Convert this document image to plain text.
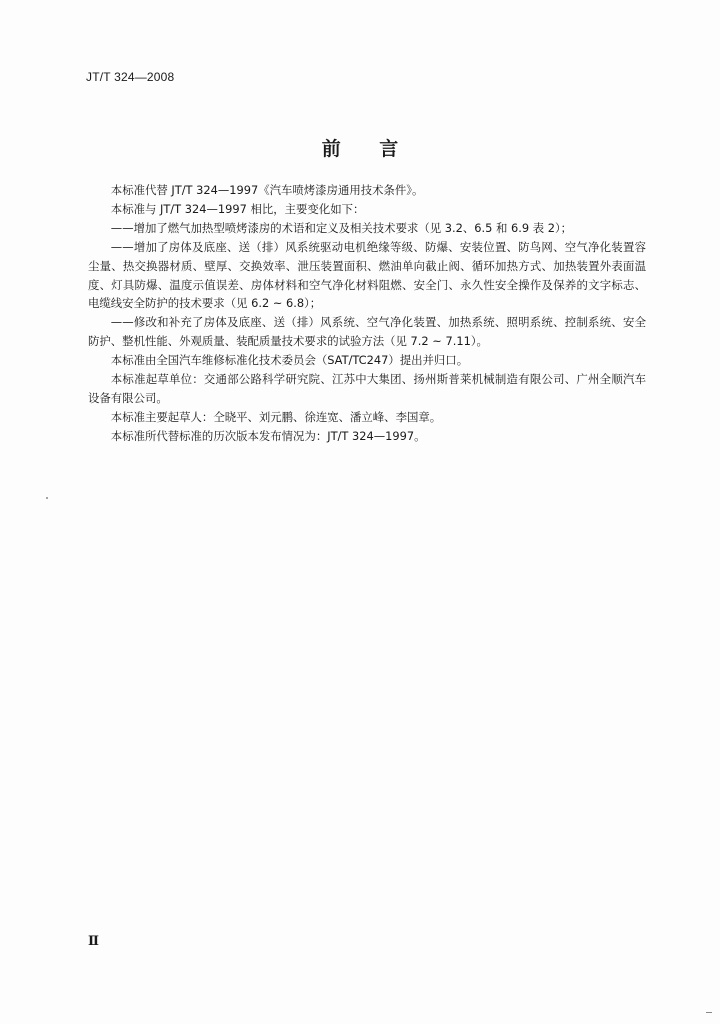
JT/T 324—2008
前 言

本标准代替 JT/T 324—1997《汽车喷烤漆房通用技术条件》。

本标准与 JT/T 324—1997 相比，主要变化如下：

——增加了燃气加热型喷烤漆房的术语和定义及相关技术要求（见 3.2、6.5 和 6.9 表 2）；

——增加了房体及底座、送（排）风系统驱动电机绝缘等级、防爆、安装位置、防鸟网、空气净化装置容尘量、热交换器材质、壁厚、交换效率、泄压装置面积、燃油单向截止阀、循环加热方式、加热装置外表面温度、灯具防爆、温度示值误差、房体材料和空气净化材料阻燃、安全门、永久性安全操作及保养的文字标志、电缆线安全防护的技术要求（见 6.2 ~ 6.8）；

——修改和补充了房体及底座、送（排）风系统、空气净化装置、加热系统、照明系统、控制系统、安全防护、整机性能、外观质量、装配质量技术要求的试验方法（见 7.2 ~ 7.11）。

本标准由全国汽车维修标准化技术委员会（SAT/TC247）提出并归口。

本标准起草单位：交通部公路科学研究院、江苏中大集团、扬州斯普莱机械制造有限公司、广州全顺汽车设备有限公司。

本标准主要起草人：仝晓平、刘元鹏、徐连宽、潘立峰、李国章。

本标准所代替标准的历次版本发布情况为：JT/T 324—1997。

Ⅱ
